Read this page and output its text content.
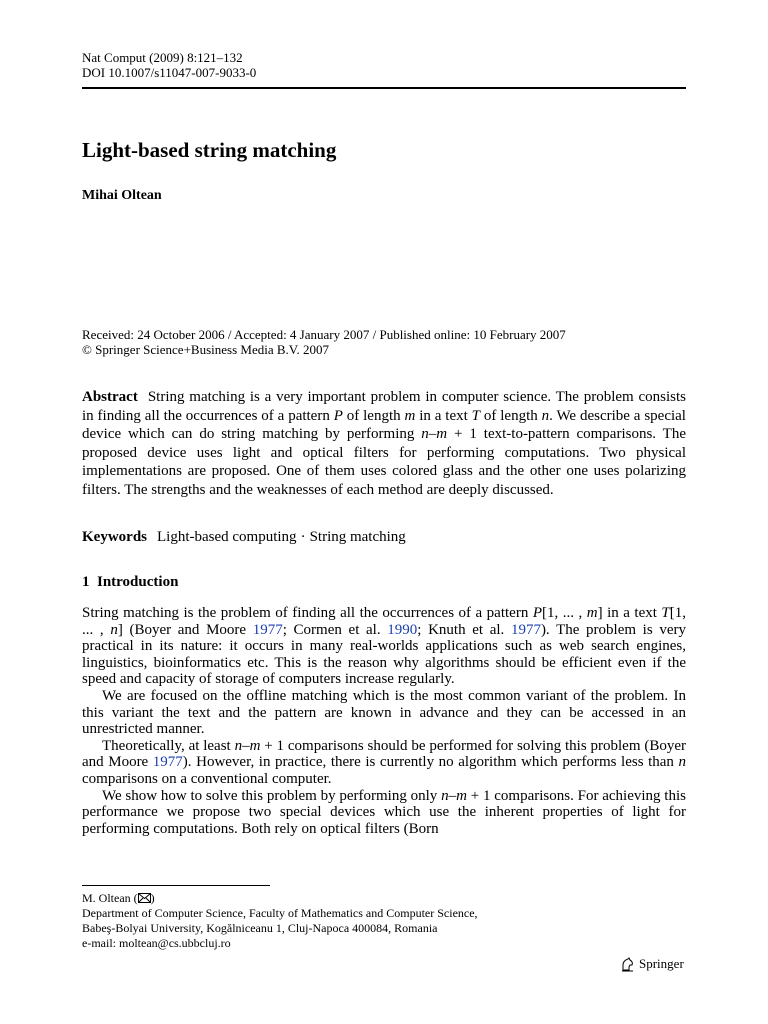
Nat Comput (2009) 8:121–132
DOI 10.1007/s11047-007-9033-0
Light-based string matching
Mihai Oltean
Received: 24 October 2006 / Accepted: 4 January 2007 / Published online: 10 February 2007
© Springer Science+Business Media B.V. 2007
Abstract String matching is a very important problem in computer science. The problem consists in finding all the occurrences of a pattern P of length m in a text T of length n. We describe a special device which can do string matching by performing n–m + 1 text-to-pattern comparisons. The proposed device uses light and optical filters for performing computations. Two physical implementations are proposed. One of them uses colored glass and the other one uses polarizing filters. The strengths and the weaknesses of each method are deeply discussed.
Keywords Light-based computing · String matching
1 Introduction

String matching is the problem of finding all the occurrences of a pattern P[1, ... , m] in a text T[1, ... , n] (Boyer and Moore 1977; Cormen et al. 1990; Knuth et al. 1977). The problem is very practical in its nature: it occurs in many real-worlds applications such as web search engines, linguistics, bioinformatics etc. This is the reason why algorithms should be efficient even if the speed and capacity of storage of computers increase regularly.

We are focused on the offline matching which is the most common variant of the problem. In this variant the text and the pattern are known in advance and they can be accessed in an unrestricted manner.

Theoretically, at least n–m + 1 comparisons should be performed for solving this problem (Boyer and Moore 1977). However, in practice, there is currently no algorithm which performs less than n comparisons on a conventional computer.

We show how to solve this problem by performing only n–m + 1 comparisons. For achieving this performance we propose two special devices which use the inherent properties of light for performing computations. Both rely on optical filters (Born

M. Oltean ( )
Department of Computer Science, Faculty of Mathematics and Computer Science,
Babeş-Bolyai University, Kogălniceanu 1, Cluj-Napoca 400084, Romania
e-mail: moltean@cs.ubbcluj.ro
Springer
